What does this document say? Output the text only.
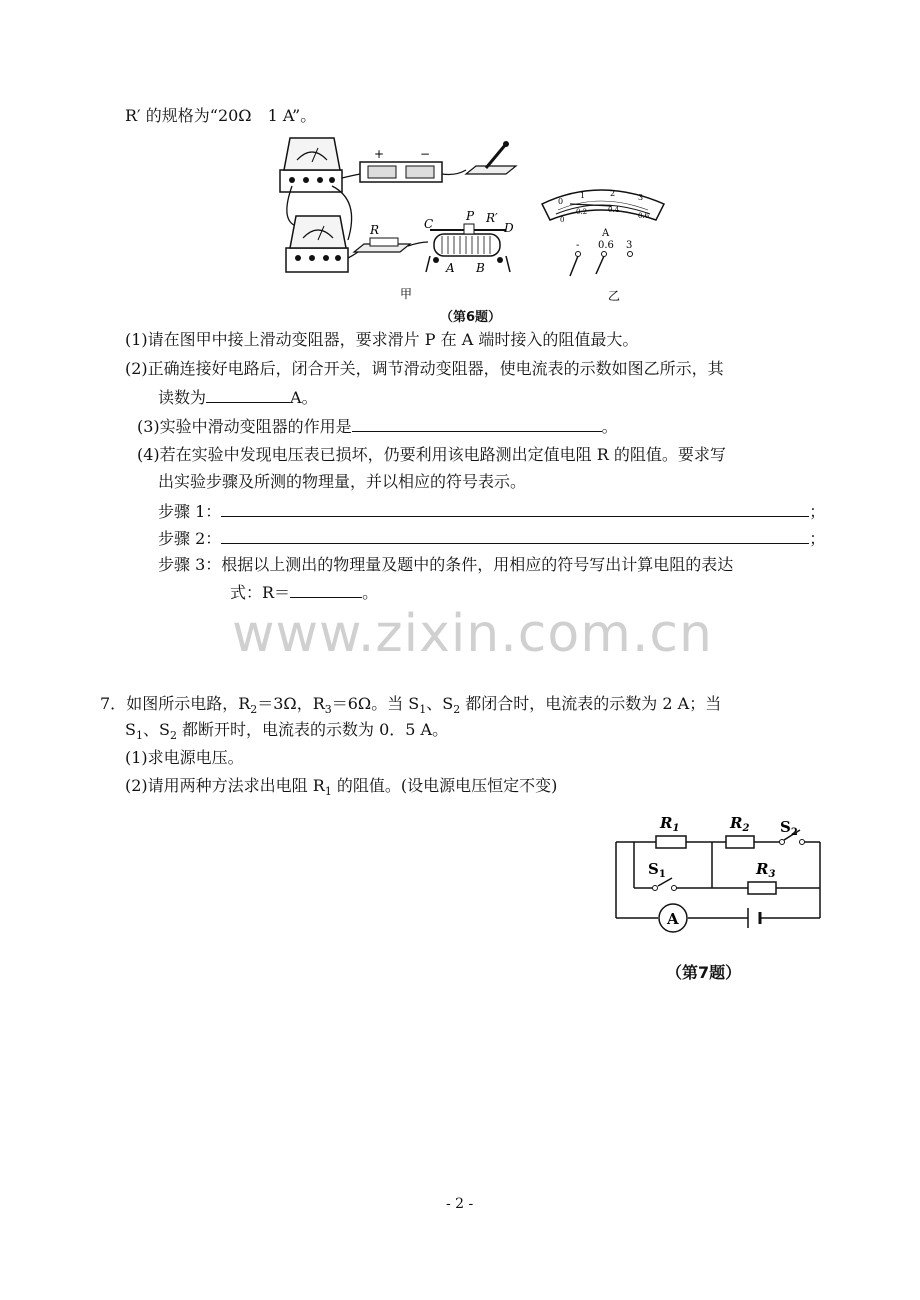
R′ 的规格为“20Ω　1 A”。
+	−
R	C
P R′
D
A B
甲
0
1	2	3
0
0.2	0.4
0.6
A
- 0.6 3
乙
（第6题）
(1)请在图甲中接上滑动变阻器，要求滑片 P 在 A 端时接入的阻值最大。
(2)正确连接好电路后，闭合开关，调节滑动变阻器，使电流表的示数如图乙所示，其
读数为	A。
(3)实验中滑动变阻器的作用是	。
(4)若在实验中发现电压表已损坏，仍要利用该电路测出定值电阻 R 的阻值。要求写
出实验步骤及所测的物理量，并以相应的符号表示。
步骤 1：	；
步骤 2：	；
步骤 3：根据以上测出的物理量及题中的条件，用相应的符号写出计算电阻的表达
式：R＝	。
www.zixin.com.cn
7．如图所示电路，$R_2=3\Omega$，$R_3=6\Omega$。当 $S_1$、$S_2$ 都闭合时，电流表的示数为 2 A；当
$S_1$、$S_2$ 都断开时，电流表的示数为 0．5 A。
(1)求电源电压。
(2)请用两种方法求出电阻 $R_1$ 的阻值。(设电源电压恒定不变)
A
$R_1$	$R_2$ $S_2$
$R_3$
$S_1$
（第7题）
- 2 -
